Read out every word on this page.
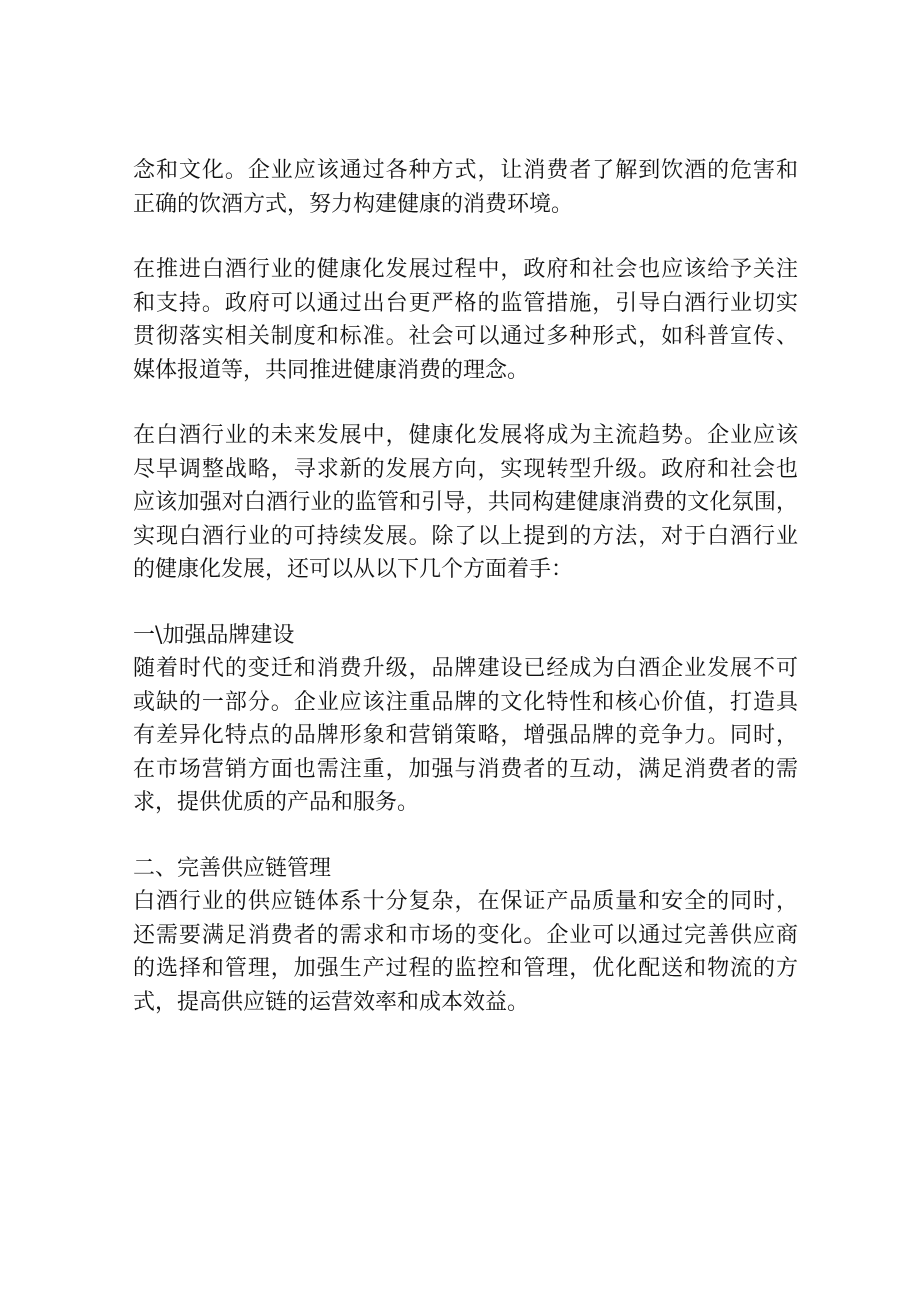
念和文化。企业应该通过各种方式，让消费者了解到饮酒的危害和
正确的饮酒方式，努力构建健康的消费环境。
在推进白酒行业的健康化发展过程中，政府和社会也应该给予关注
和支持。政府可以通过出台更严格的监管措施，引导白酒行业切实
贯彻落实相关制度和标准。社会可以通过多种形式，如科普宣传、
媒体报道等，共同推进健康消费的理念。
在白酒行业的未来发展中，健康化发展将成为主流趋势。企业应该
尽早调整战略，寻求新的发展方向，实现转型升级。政府和社会也
应该加强对白酒行业的监管和引导，共同构建健康消费的文化氛围，
实现白酒行业的可持续发展。除了以上提到的方法，对于白酒行业
的健康化发展，还可以从以下几个方面着手：
一\加强品牌建设
随着时代的变迁和消费升级，品牌建设已经成为白酒企业发展不可
或缺的一部分。企业应该注重品牌的文化特性和核心价值，打造具
有差异化特点的品牌形象和营销策略，增强品牌的竞争力。同时，
在市场营销方面也需注重，加强与消费者的互动，满足消费者的需
求，提供优质的产品和服务。
二、完善供应链管理
白酒行业的供应链体系十分复杂，在保证产品质量和安全的同时，
还需要满足消费者的需求和市场的变化。企业可以通过完善供应商
的选择和管理，加强生产过程的监控和管理，优化配送和物流的方
式，提高供应链的运营效率和成本效益。
